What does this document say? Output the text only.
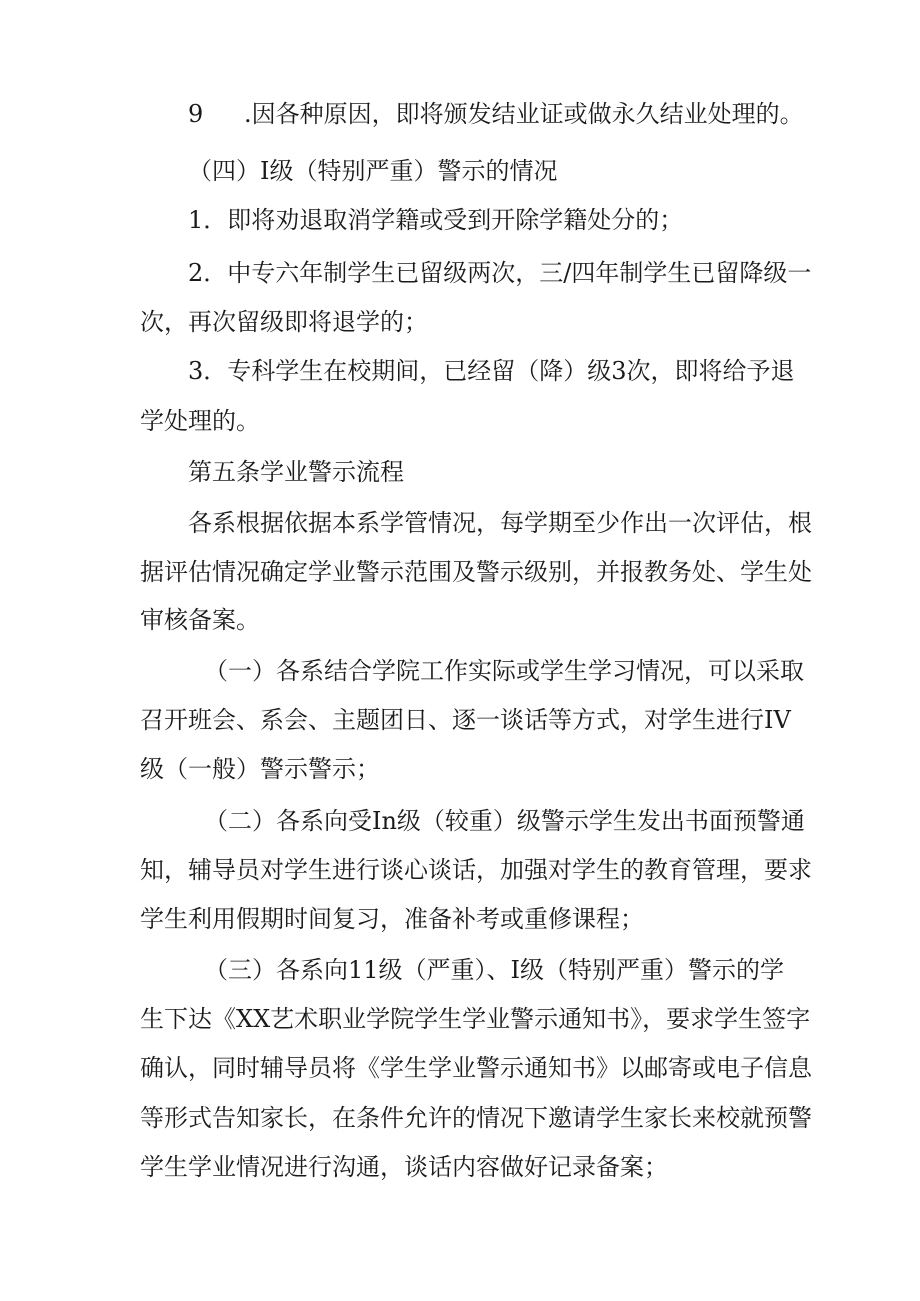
9 .因各种原因，即将颁发结业证或做永久结业处理的。
（四）I级（特别严重）警示的情况
1．即将劝退取消学籍或受到开除学籍处分的；
2．中专六年制学生已留级两次，三/四年制学生已留降级一
次，再次留级即将退学的；
3．专科学生在校期间，已经留（降）级3次，即将给予退
学处理的。
第五条学业警示流程
各系根据依据本系学管情况，每学期至少作出一次评估，根
据评估情况确定学业警示范围及警示级别，并报教务处、学生处
审核备案。
（一）各系结合学院工作实际或学生学习情况，可以采取
召开班会、系会、主题团日、逐一谈话等方式，对学生进行IV
级（一般）警示警示；
（二）各系向受In级（较重）级警示学生发出书面预警通
知，辅导员对学生进行谈心谈话，加强对学生的教育管理，要求
学生利用假期时间复习，准备补考或重修课程；
（三）各系向11级（严重）、I级（特别严重）警示的学
生下达《XX艺术职业学院学生学业警示通知书》，要求学生签字
确认，同时辅导员将《学生学业警示通知书》以邮寄或电子信息
等形式告知家长，在条件允许的情况下邀请学生家长来校就预警
学生学业情况进行沟通，谈话内容做好记录备案；
